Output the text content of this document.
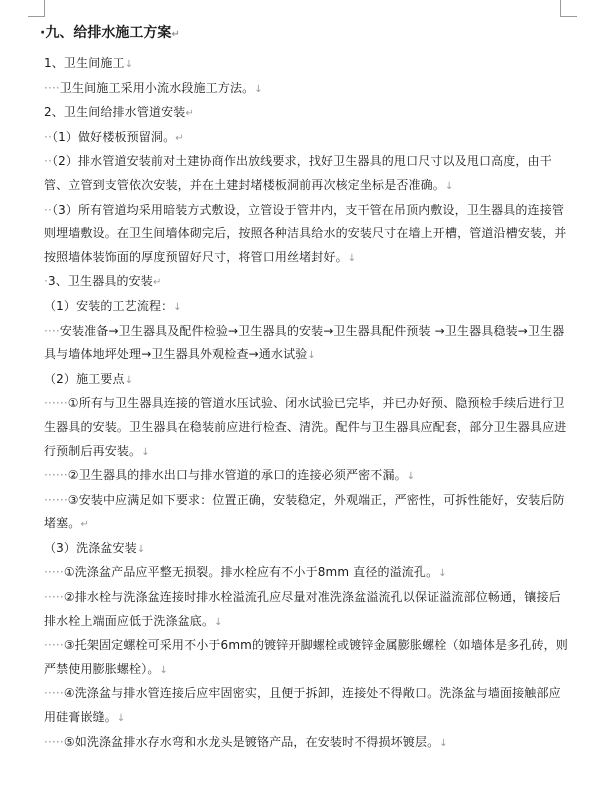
·九、给排水施工方案↵

1、卫生间施工↓

····卫生间施工采用小流水段施工方法。↓

2、卫生间给排水管道安装↵

··（1）做好楼板预留洞。↵

··（2）排水管道安装前对土建协商作出放线要求，找好卫生器具的甩口尺寸以及甩口高度，由干管、立管到支管依次安装，并在土建封堵楼板洞前再次核定坐标是否准确。↓

··（3）所有管道均采用暗装方式敷设，立管设于管井内，支干管在吊顶内敷设，卫生器具的连接管则埋墙敷设。在卫生间墙体砌完后，按照各种洁具给水的安装尺寸在墙上开槽，管道沿槽安装，并按照墙体装饰面的厚度预留好尺寸，将管口用丝堵封好。↓

·3、卫生器具的安装↵

（1）安装的工艺流程：↓

····安装准备→卫生器具及配件检验→卫生器具的安装→卫生器具配件预装 →卫生器具稳装→卫生器具与墙体地坪处理→卫生器具外观检查→通水试验↓

（2）施工要点↓

······①所有与卫生器具连接的管道水压试验、闭水试验已完毕，并已办好预、隐预检手续后进行卫生器具的安装。卫生器具在稳装前应进行检查、清洗。配件与卫生器具应配套，部分卫生器具应进行预制后再安装。↓

······②卫生器具的排水出口与排水管道的承口的连接必须严密不漏。↓

······③安装中应满足如下要求：位置正确，安装稳定，外观端正，严密性，可拆性能好，安装后防堵塞。↵

（3）洗涤盆安装↓

·····①洗涤盆产品应平整无损裂。排水栓应有不小于8mm 直径的溢流孔。↓

·····②排水栓与洗涤盆连接时排水栓溢流孔应尽量对准洗涤盆溢流孔以保证溢流部位畅通，镶接后排水栓上端面应低于洗涤盆底。↓

·····③托架固定螺栓可采用不小于6mm的镀锌开脚螺栓或镀锌金属膨胀螺栓（如墙体是多孔砖，则严禁使用膨胀螺栓）。↓

·····④洗涤盆与排水管连接后应牢固密实，且便于拆卸，连接处不得敞口。洗涤盆与墙面接触部应用硅膏嵌缝。↓

·····⑤如洗涤盆排水存水弯和水龙头是镀铬产品，在安装时不得损坏镀层。↓
